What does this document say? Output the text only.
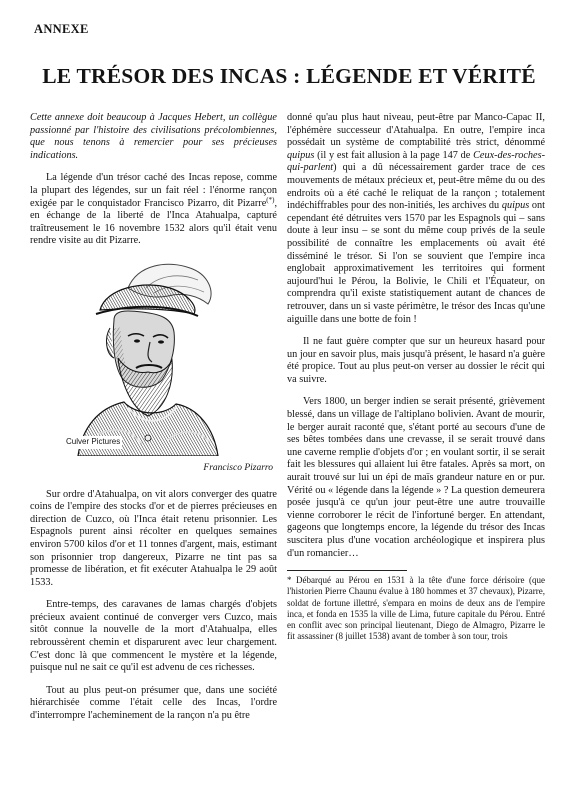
ANNEXE
LE TRÉSOR DES INCAS : LÉGENDE ET VÉRITÉ

Cette annexe doit beaucoup à Jacques Hebert, un collègue passionné par l'histoire des civilisations précolombiennes, que nous tenons à remercier pour ses précieuses indications.

La légende d'un trésor caché des Incas repose, comme la plupart des légendes, sur un fait réel : l'énorme rançon exigée par le conquistador Francisco Pizarro, dit Pizarre(*), en échange de la liberté de l'Inca Atahualpa, capturé traîtreusement le 16 novembre 1532 alors qu'il était venu rendre visite au dit Pizarre.

Culver Pictures
Francisco Pizarro

Sur ordre d'Atahualpa, on vit alors converger des quatre coins de l'empire des stocks d'or et de pierres précieuses en direction de Cuzco, où l'Inca était retenu prisonnier. Les Espagnols purent ainsi récolter en quelques semaines environ 5700 kilos d'or et 11 tonnes d'argent, mais, estimant son prisonnier trop dangereux, Pizarre ne tint pas sa promesse de libération, et fit exécuter Atahualpa le 29 août 1533.

Entre-temps, des caravanes de lamas chargés d'objets précieux avaient continué de converger vers Cuzco, mais sitôt connue la nouvelle de la mort d'Atahualpa, elles rebroussèrent chemin et disparurent avec leur chargement. C'est donc là que commencent le mystère et la légende, puisque nul ne sait ce qu'il est advenu de ces richesses.

Tout au plus peut-on présumer que, dans une société hiérarchisée comme l'était celle des Incas, l'ordre d'interrompre l'acheminement de la rançon n'a pu être

donné qu'au plus haut niveau, peut-être par Manco-Capac II, l'éphémère successeur d'Atahualpa. En outre, l'empire inca possédait un système de comptabilité très strict, dénommé quipus (il y est fait allusion à la page 147 de Ceux-des-roches-qui-parlent) qui a dû nécessairement garder trace de ces mouvements de métaux précieux et, peut-être même du ou des endroits où a été caché le reliquat de la rançon ; totalement indéchiffrables pour des non-initiés, les archives du quipus ont cependant été détruites vers 1570 par les Espagnols qui – sans doute à leur insu – se sont du même coup privés de la seule possibilité de connaître les emplacements où avait été disséminé le trésor. Si l'on se souvient que l'empire inca englobait approximativement les territoires qui forment aujourd'hui le Pérou, la Bolivie, le Chili et l'Équateur, on comprendra qu'il existe statistiquement autant de chances de retrouver, dans un si vaste périmètre, le trésor des Incas qu'une aiguille dans une botte de foin !

Il ne faut guère compter que sur un heureux hasard pour un jour en savoir plus, mais jusqu'à présent, le hasard n'a guère été propice. Tout au plus peut-on verser au dossier le récit qui va suivre.

Vers 1800, un berger indien se serait présenté, grièvement blessé, dans un village de l'altiplano bolivien. Avant de mourir, le berger aurait raconté que, s'étant porté au secours d'une de ses bêtes tombées dans une crevasse, il se serait trouvé dans une caverne remplie d'objets d'or ; en voulant sortir, il se serait fait les blessures qui allaient lui être fatales. Après sa mort, on aurait trouvé sur lui un épi de maïs grandeur nature en or pur. Vérité ou « légende dans la légende » ? La question demeurera posée jusqu'à ce qu'un jour peut-être une autre trouvaille vienne corroborer le récit de l'infortuné berger. En attendant, gageons que longtemps encore, la légende du trésor des Incas suscitera plus d'une vocation archéologique et inspirera plus d'un romancier…

* Débarqué au Pérou en 1531 à la tête d'une force dérisoire (que l'historien Pierre Chaunu évalue à 180 hommes et 37 chevaux), Pizarre, soldat de fortune illettré, s'empara en moins de deux ans de l'empire inca, et fonda en 1535 la ville de Lima, future capitale du Pérou. Entré en conflit avec son principal lieutenant, Diego de Almagro, Pizarre le fit assassiner (8 juillet 1538) avant de tomber à son tour, trois
